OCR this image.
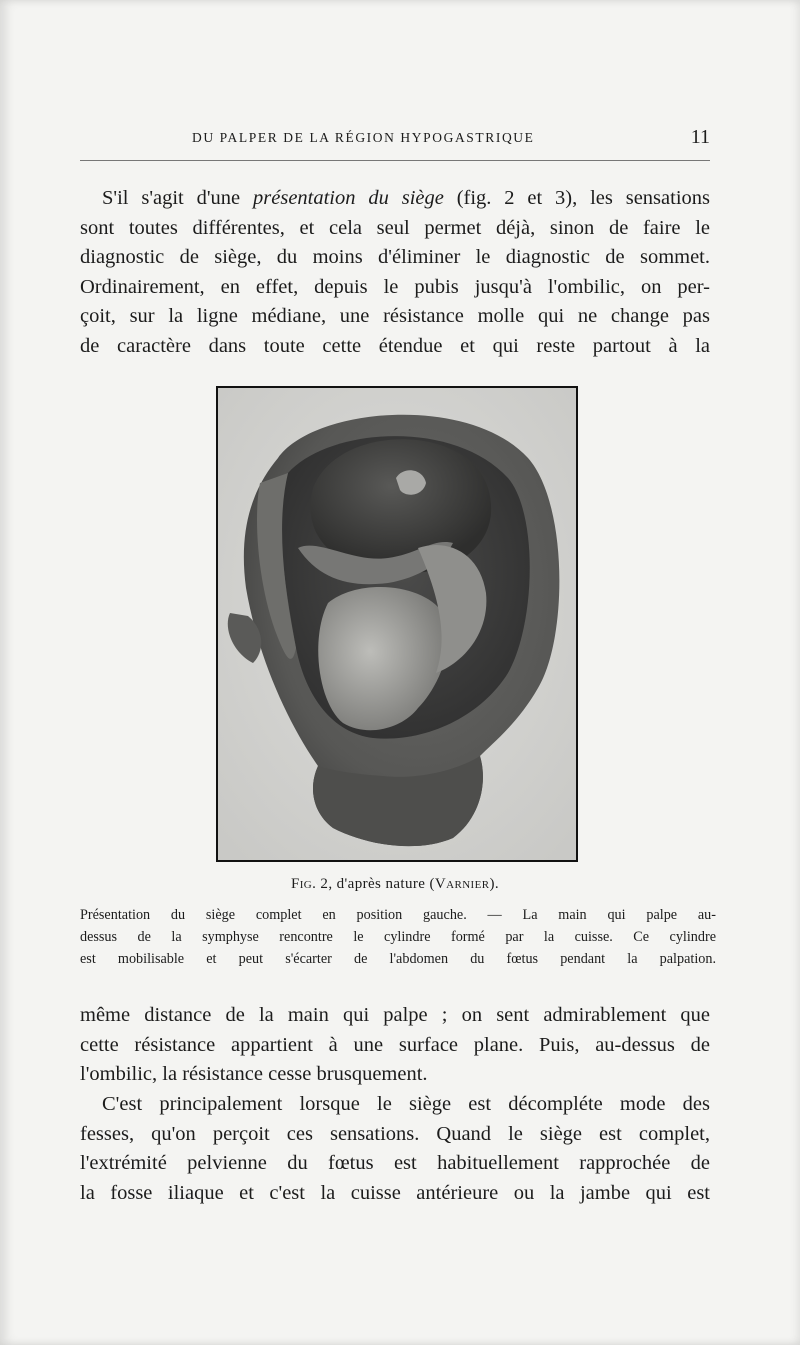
DU PALPER DE LA RÉGION HYPOGASTRIQUE	11

S'il s'agit d'une présentation du siège (fig. 2 et 3), les sensations
sont toutes différentes, et cela seul permet déjà, sinon de faire le
diagnostic de siège, du moins d'éliminer le diagnostic de sommet.
Ordinairement, en effet, depuis le pubis jusqu'à l'ombilic, on per-
çoit, sur la ligne médiane, une résistance molle qui ne change pas
de caractère dans toute cette étendue et qui reste partout à la

Fig. 2, d'après nature (Varnier).

Présentation du siège complet en position gauche. — La main qui palpe au-
dessus de la symphyse rencontre le cylindre formé par la cuisse. Ce cylindre
est mobilisable et peut s'écarter de l'abdomen du fœtus pendant la palpation.

même distance de la main qui palpe ; on sent admirablement que
cette résistance appartient à une surface plane. Puis, au-dessus de
l'ombilic, la résistance cesse brusquement.

C'est principalement lorsque le siège est décompléte mode des
fesses, qu'on perçoit ces sensations. Quand le siège est complet,
l'extrémité pelvienne du fœtus est habituellement rapprochée de
la fosse iliaque et c'est la cuisse antérieure ou la jambe qui est
